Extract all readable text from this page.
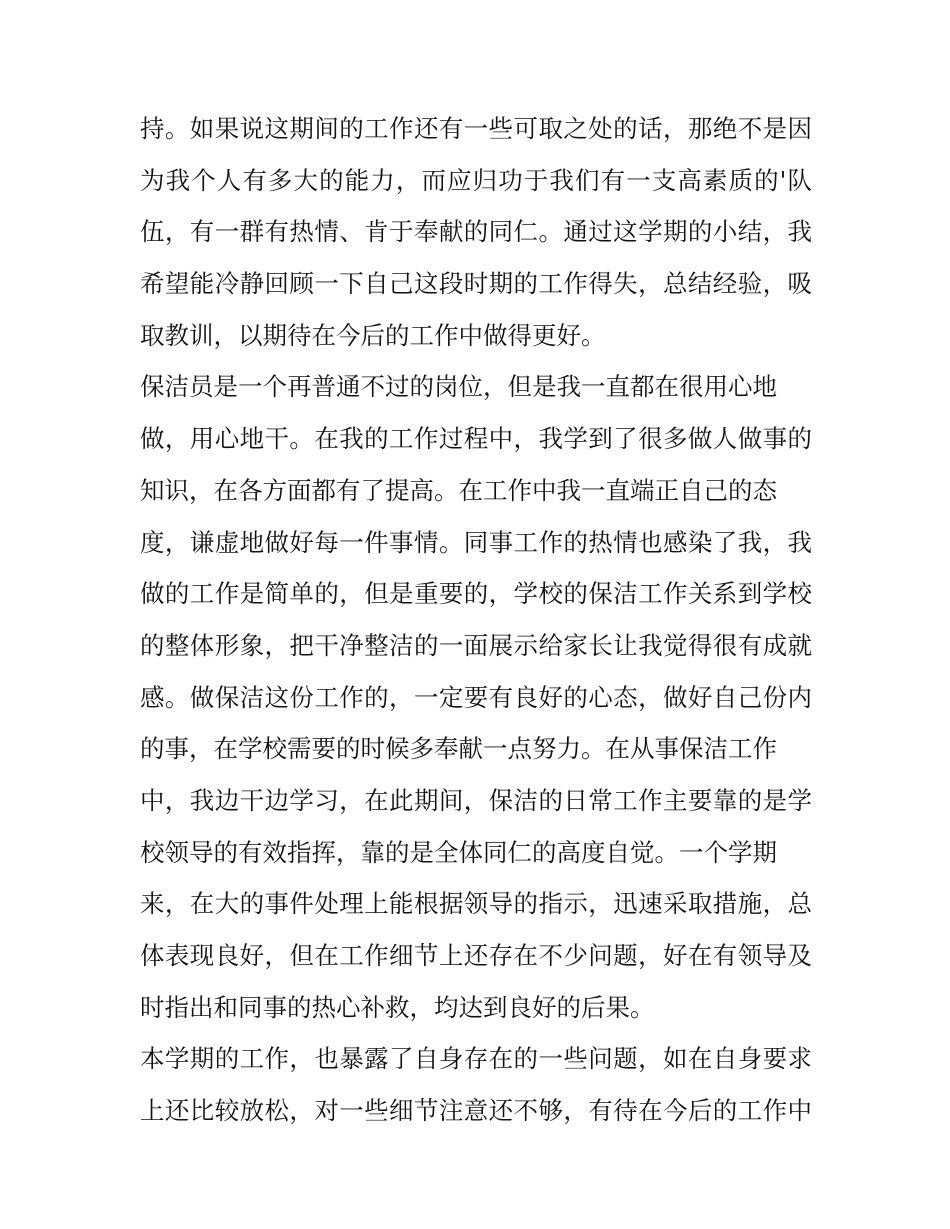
持。如果说这期间的工作还有一些可取之处的话，那绝不是因
为我个人有多大的能力，而应归功于我们有一支高素质的'队
伍，有一群有热情、肯于奉献的同仁。通过这学期的小结，我
希望能冷静回顾一下自己这段时期的工作得失，总结经验，吸
取教训，以期待在今后的工作中做得更好。
保洁员是一个再普通不过的岗位，但是我一直都在很用心地
做，用心地干。在我的工作过程中，我学到了很多做人做事的
知识，在各方面都有了提高。在工作中我一直端正自己的态
度，谦虚地做好每一件事情。同事工作的热情也感染了我，我
做的工作是简单的，但是重要的，学校的保洁工作关系到学校
的整体形象，把干净整洁的一面展示给家长让我觉得很有成就
感。做保洁这份工作的，一定要有良好的心态，做好自己份内
的事，在学校需要的时候多奉献一点努力。在从事保洁工作
中，我边干边学习，在此期间，保洁的日常工作主要靠的是学
校领导的有效指挥，靠的是全体同仁的高度自觉。一个学期
来，在大的事件处理上能根据领导的指示，迅速采取措施，总
体表现良好，但在工作细节上还存在不少问题，好在有领导及
时指出和同事的热心补救，均达到良好的后果。
本学期的工作，也暴露了自身存在的一些问题，如在自身要求
上还比较放松，对一些细节注意还不够，有待在今后的工作中
